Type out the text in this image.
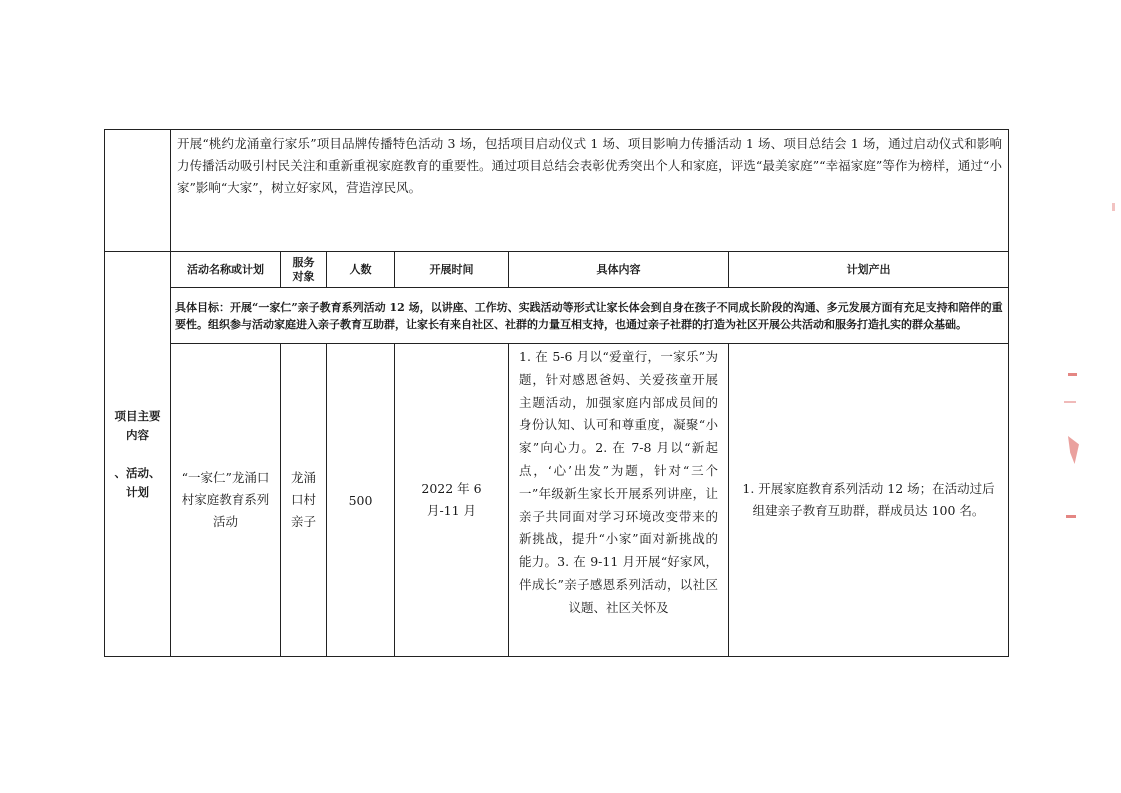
	开展“桃约龙涌童行家乐”项目品牌传播特色活动 3 场，包括项目启动仪式 1 场、项目影响力传播活动 1 场、项目总结会 1 场，通过启动仪式和影响力传播活动吸引村民关注和重新重视家庭教育的重要性。通过项目总结会表彰优秀突出个人和家庭，评选“最美家庭”“幸福家庭”等作为榜样，通过“小家”影响“大家”，树立好家风，营造淳民风。					

项目主要
内容
、活动、
计划	活动名称或计划	服务对象	人数	开展时间	具体内容	计划产出
	具体目标：开展“一家仁”亲子教育系列活动 12 场，以讲座、工作坊、实践活动等形式让家长体会到自身在孩子不同成长阶段的沟通、多元发展方面有充足支持和陪伴的重要性。组织参与活动家庭进入亲子教育互助群，让家长有来自社区、社群的力量互相支持，也通过亲子社群的打造为社区开展公共活动和服务打造扎实的群众基础。					
	“一家仁”龙涌口村家庭教育系列活动	龙涌口村亲子	500	2022 年 6 月-11 月	1. 在 5-6 月以“爱童行，一家乐”为题，针对感恩爸妈、关爱孩童开展主题活动，加强家庭内部成员间的身份认知、认可和尊重度，凝聚“小家”向心力。2. 在 7-8 月以“新起点，‘心’出发”为题，针对“三个一”年级新生家长开展系列讲座，让亲子共同面对学习环境改变带来的新挑战，提升“小家”面对新挑战的能力。3. 在 9-11 月开展“好家风，伴成长”亲子感恩系列活动，以社区议题、社区关怀及	1. 开展家庭教育系列活动 12 场；在活动过后组建亲子教育互助群，群成员达 100 名。
